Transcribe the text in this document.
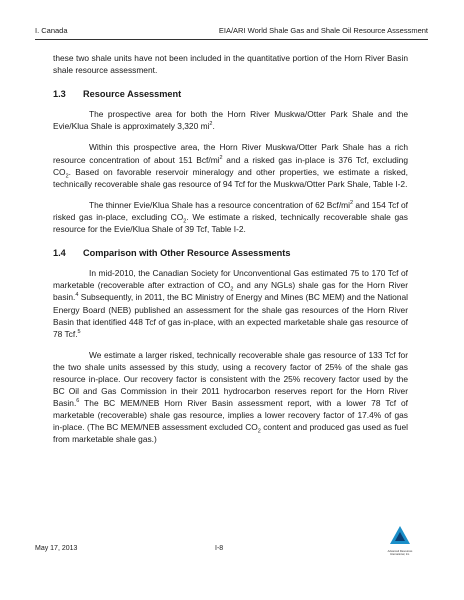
I. Canada	EIA/ARI World Shale Gas and Shale Oil Resource Assessment

these two shale units have not been included in the quantitative portion of the Horn River Basin shale resource assessment.

1.3	Resource Assessment

The prospective area for both the Horn River Muskwa/Otter Park Shale and the Evie/Klua Shale is approximately 3,320 $mi^2$.

Within this prospective area, the Horn River Muskwa/Otter Park Shale has a rich resource concentration of about 151 Bcf/$mi^2$ and a risked gas in-place is 376 Tcf, excluding $CO_2$. Based on favorable reservoir mineralogy and other properties, we estimate a risked, technically recoverable shale gas resource of 94 Tcf for the Muskwa/Otter Park Shale, Table I-2.

The thinner Evie/Klua Shale has a resource concentration of 62 Bcf/$mi^2$ and 154 Tcf of risked gas in-place, excluding $CO_2$. We estimate a risked, technically recoverable shale gas resource for the Evie/Klua Shale of 39 Tcf, Table I-2.

1.4	Comparison with Other Resource Assessments

In mid-2010, the Canadian Society for Unconventional Gas estimated 75 to 170 Tcf of marketable (recoverable after extraction of $CO_2$ and any NGLs) shale gas for the Horn River basin.$^4$ Subsequently, in 2011, the BC Ministry of Energy and Mines (BC MEM) and the National Energy Board (NEB) published an assessment for the shale gas resources of the Horn River Basin that identified 448 Tcf of gas in-place, with an expected marketable shale gas resource of 78 Tcf.$^5$

We estimate a larger risked, technically recoverable shale gas resource of 133 Tcf for the two shale units assessed by this study, using a recovery factor of 25% of the shale gas resource in-place. Our recovery factor is consistent with the 25% recovery factor used by the BC Oil and Gas Commission in their 2011 hydrocarbon reserves report for the Horn River Basin.$^6$ The BC MEM/NEB Horn River Basin assessment report, with a lower 78 Tcf of marketable (recoverable) shale gas resource, implies a lower recovery factor of 17.4% of gas in-place. (The BC MEM/NEB assessment excluded $CO_2$ content and produced gas used as fuel from marketable shale gas.)

May 17, 2013	I-8	Advanced Resources
International, Inc.
